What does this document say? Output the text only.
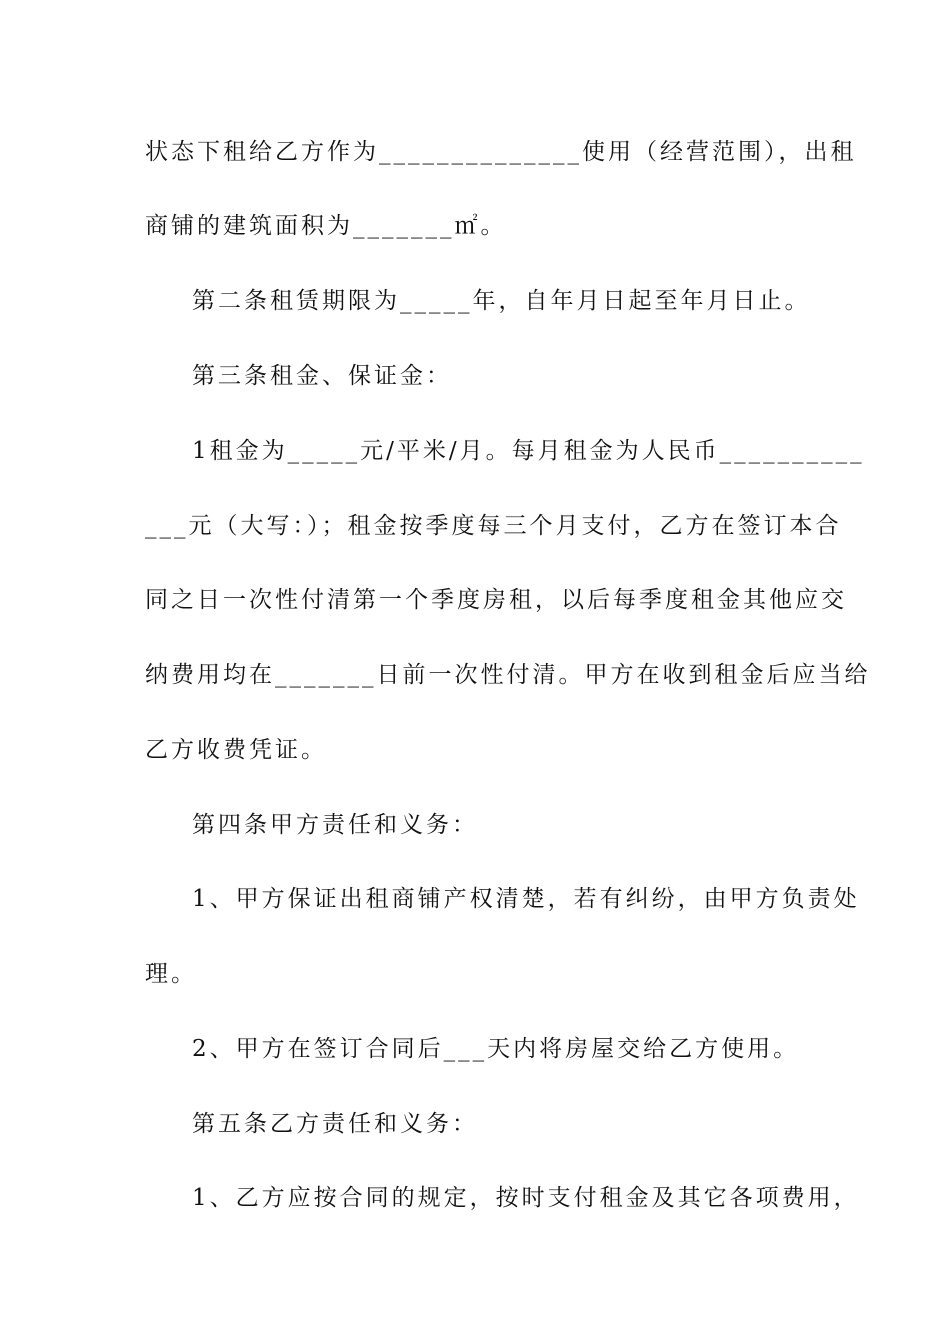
状态下租给乙方作为______________使用（经营范围），出租
商铺的建筑面积为_______㎡。
第二条租赁期限为_____年，自年月日起至年月日止。
第三条租金、保证金：
1租金为_____元/平米/月。每月租金为人民币__________
___元（大写：）；租金按季度每三个月支付，乙方在签订本合
同之日一次性付清第一个季度房租，以后每季度租金其他应交
纳费用均在_______日前一次性付清。甲方在收到租金后应当给
乙方收费凭证。
第四条甲方责任和义务：
1、甲方保证出租商铺产权清楚，若有纠纷，由甲方负责处
理。
2、甲方在签订合同后___天内将房屋交给乙方使用。
第五条乙方责任和义务：
1、乙方应按合同的规定，按时支付租金及其它各项费用，
